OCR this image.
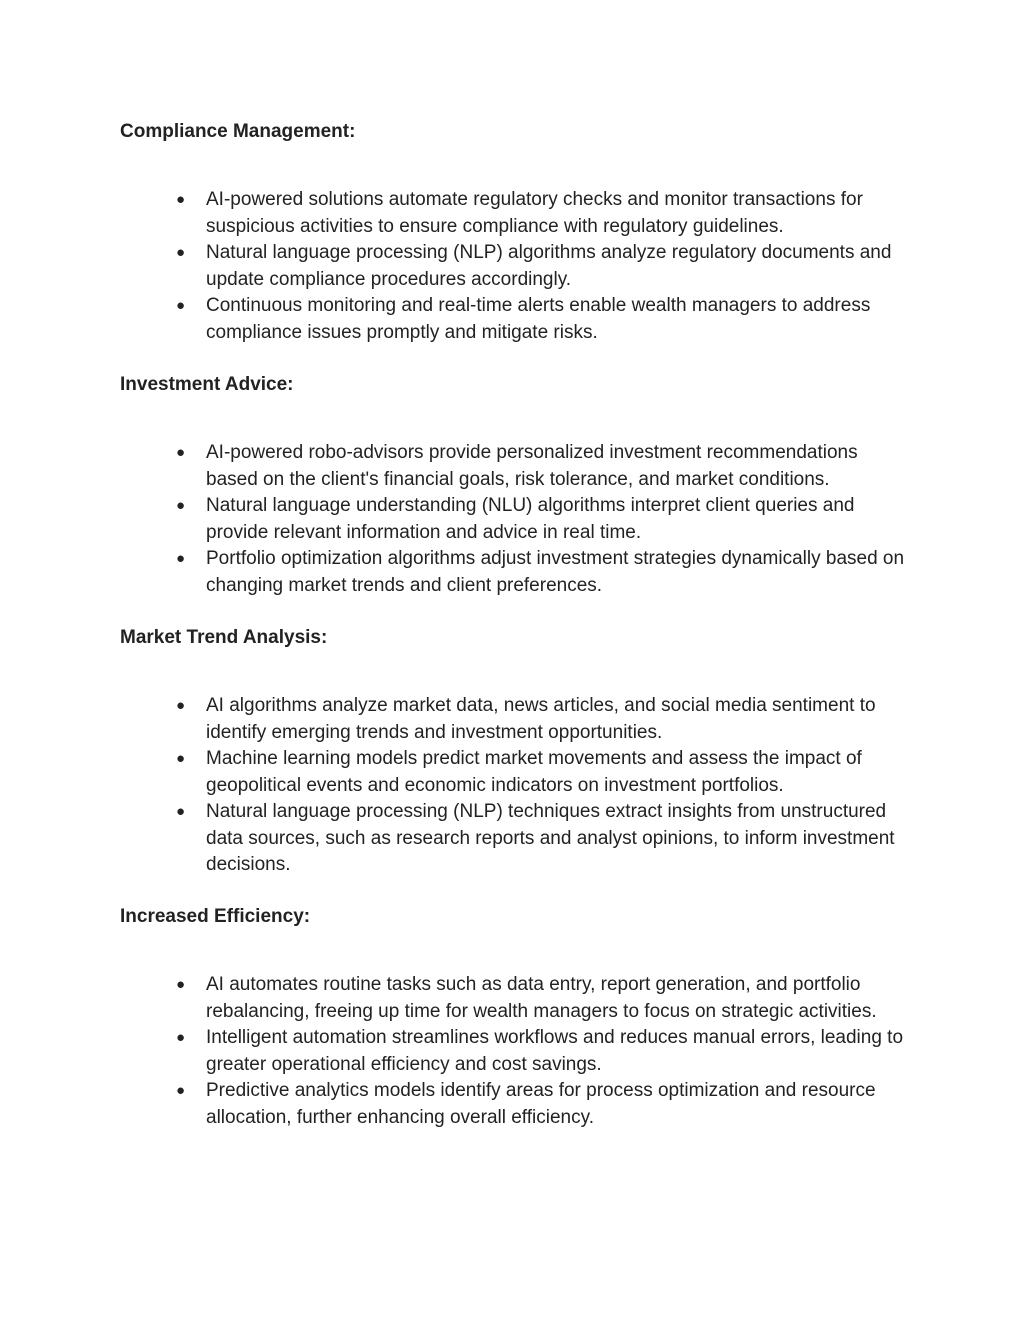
Compliance Management:

●	AI-powered solutions automate regulatory checks and monitor transactions for suspicious activities to ensure compliance with regulatory guidelines.
●	Natural language processing (NLP) algorithms analyze regulatory documents and update compliance procedures accordingly.
●	Continuous monitoring and real-time alerts enable wealth managers to address compliance issues promptly and mitigate risks.

Investment Advice:

●	AI-powered robo-advisors provide personalized investment recommendations based on the client's financial goals, risk tolerance, and market conditions.
●	Natural language understanding (NLU) algorithms interpret client queries and provide relevant information and advice in real time.
●	Portfolio optimization algorithms adjust investment strategies dynamically based on changing market trends and client preferences.

Market Trend Analysis:

●	AI algorithms analyze market data, news articles, and social media sentiment to identify emerging trends and investment opportunities.
●	Machine learning models predict market movements and assess the impact of geopolitical events and economic indicators on investment portfolios.
●	Natural language processing (NLP) techniques extract insights from unstructured data sources, such as research reports and analyst opinions, to inform investment decisions.

Increased Efficiency:

●	AI automates routine tasks such as data entry, report generation, and portfolio rebalancing, freeing up time for wealth managers to focus on strategic activities.
●	Intelligent automation streamlines workflows and reduces manual errors, leading to greater operational efficiency and cost savings.
●	Predictive analytics models identify areas for process optimization and resource allocation, further enhancing overall efficiency.
